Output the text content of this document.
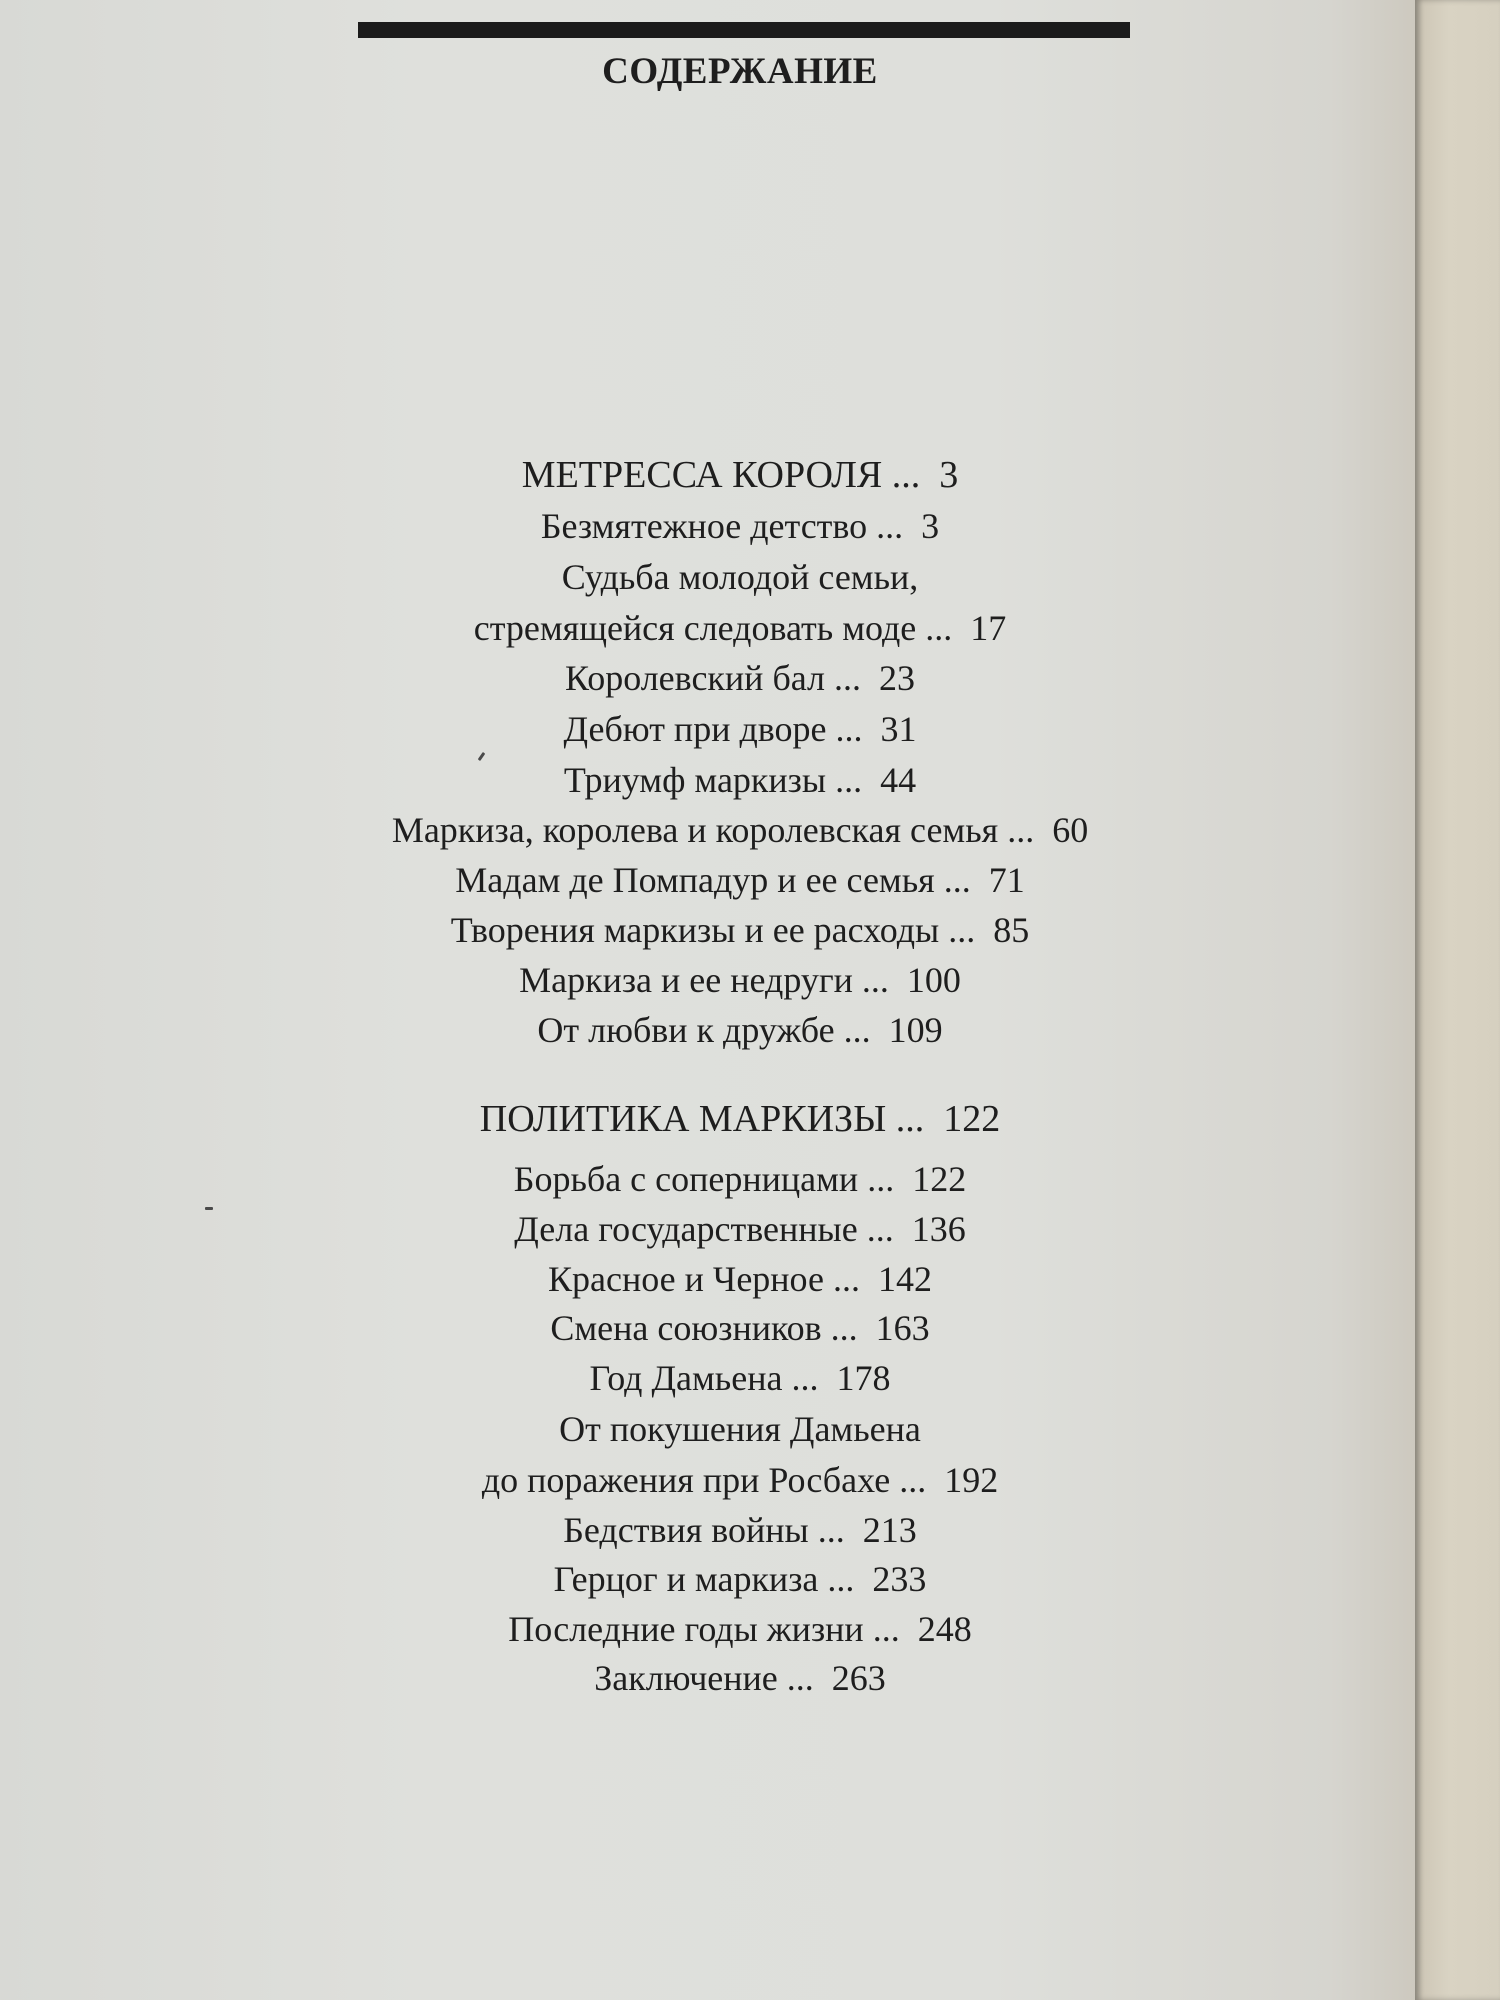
СОДЕРЖАНИЕ
МЕТРЕССА КОРОЛЯ ... 3
Безмятежное детство ... 3
Судьба молодой семьи,
стремящейся следовать моде ... 17
Королевский бал ... 23
Дебют при дворе ... 31
Триумф маркизы ... 44
Маркиза, королева и королевская семья ... 60
Мадам де Помпадур и ее семья ... 71
Творения маркизы и ее расходы ... 85
Маркиза и ее недруги ... 100
От любви к дружбе ... 109
ПОЛИТИКА МАРКИЗЫ ... 122
Борьба с соперницами ... 122
Дела государственные ... 136
Красное и Черное ... 142
Смена союзников ... 163
Год Дамьена ... 178
От покушения Дамьена
до поражения при Росбахе ... 192
Бедствия войны ... 213
Герцог и маркиза ... 233
Последние годы жизни ... 248
Заключение ... 263
